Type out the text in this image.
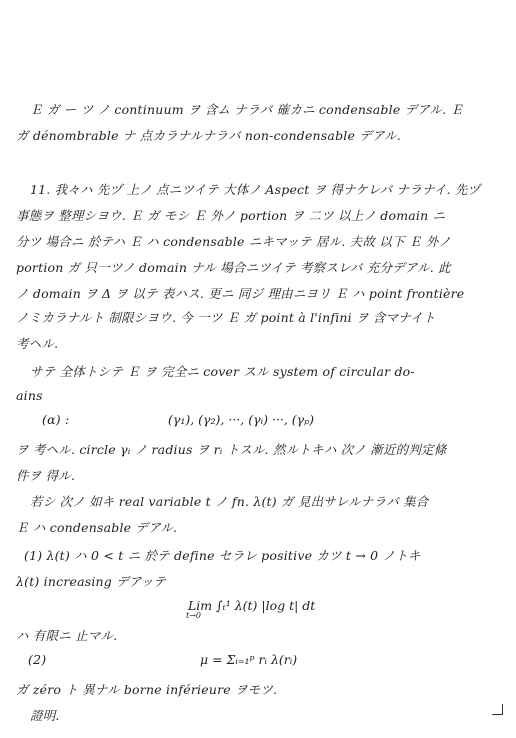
Ｅ ガ ー ツ ノ continuum ヲ 含ム ナラバ 確カニ condensable デアル. Ｅ
ガ dénombrable ナ 点カラナルナラバ non-condensable デアル.
11. 我々ハ 先ヅ 上ノ 点ニツイテ 大体ノ Aspect ヲ 得ナケレバ ナラナイ. 先ヅ
事態ヲ 整理シヨウ. Ｅ ガ モシ Ｅ 外ノ portion ヲ 二ツ 以上ノ domain ニ
分ツ 場合ニ 於テハ Ｅ ハ condensable ニキマッテ 居ル. 夫故 以下 Ｅ 外ノ
portion ガ 只一ツノ domain ナル 場合ニツイテ 考察スレバ 充分デアル. 此
ノ domain ヲ Δ ヲ 以テ 表ハス. 更ニ 同ジ 理由ニヨリ Ｅ ハ point frontière
ノミカラナルト 制限シヨウ. 今 一ツ Ｅ ガ point à l'infini ヲ 含マナイト
考ヘル.
サテ 全体トシテ Ｅ ヲ 完全ニ cover スル system of circular do-
ains
(α) :	(γ₁), (γ₂), ···, (γᵢ) ···, (γₚ)
ヲ 考ヘル. circle γᵢ ノ radius ヲ rᵢ トスル. 然ルトキハ 次ノ 漸近的判定條
件ヲ 得ル.
若シ 次ノ 如キ real variable t ノ fn. λ(t) ガ 見出サレルナラバ 集合
Ｅ ハ condensable デアル.
(1) λ(t) ハ 0 < t ニ 於テ define セラレ positive カツ t → 0 ノトキ
λ(t) increasing デアッテ
Lim ∫ₜ¹ λ(t) |log t| dt
t→0
ハ 有限ニ 止マル.
(2)	μ = Σᵢ₌₁ᵖ rᵢ λ(rᵢ)
ガ zéro ト 異ナル borne inférieure ヲモツ.
證明.
